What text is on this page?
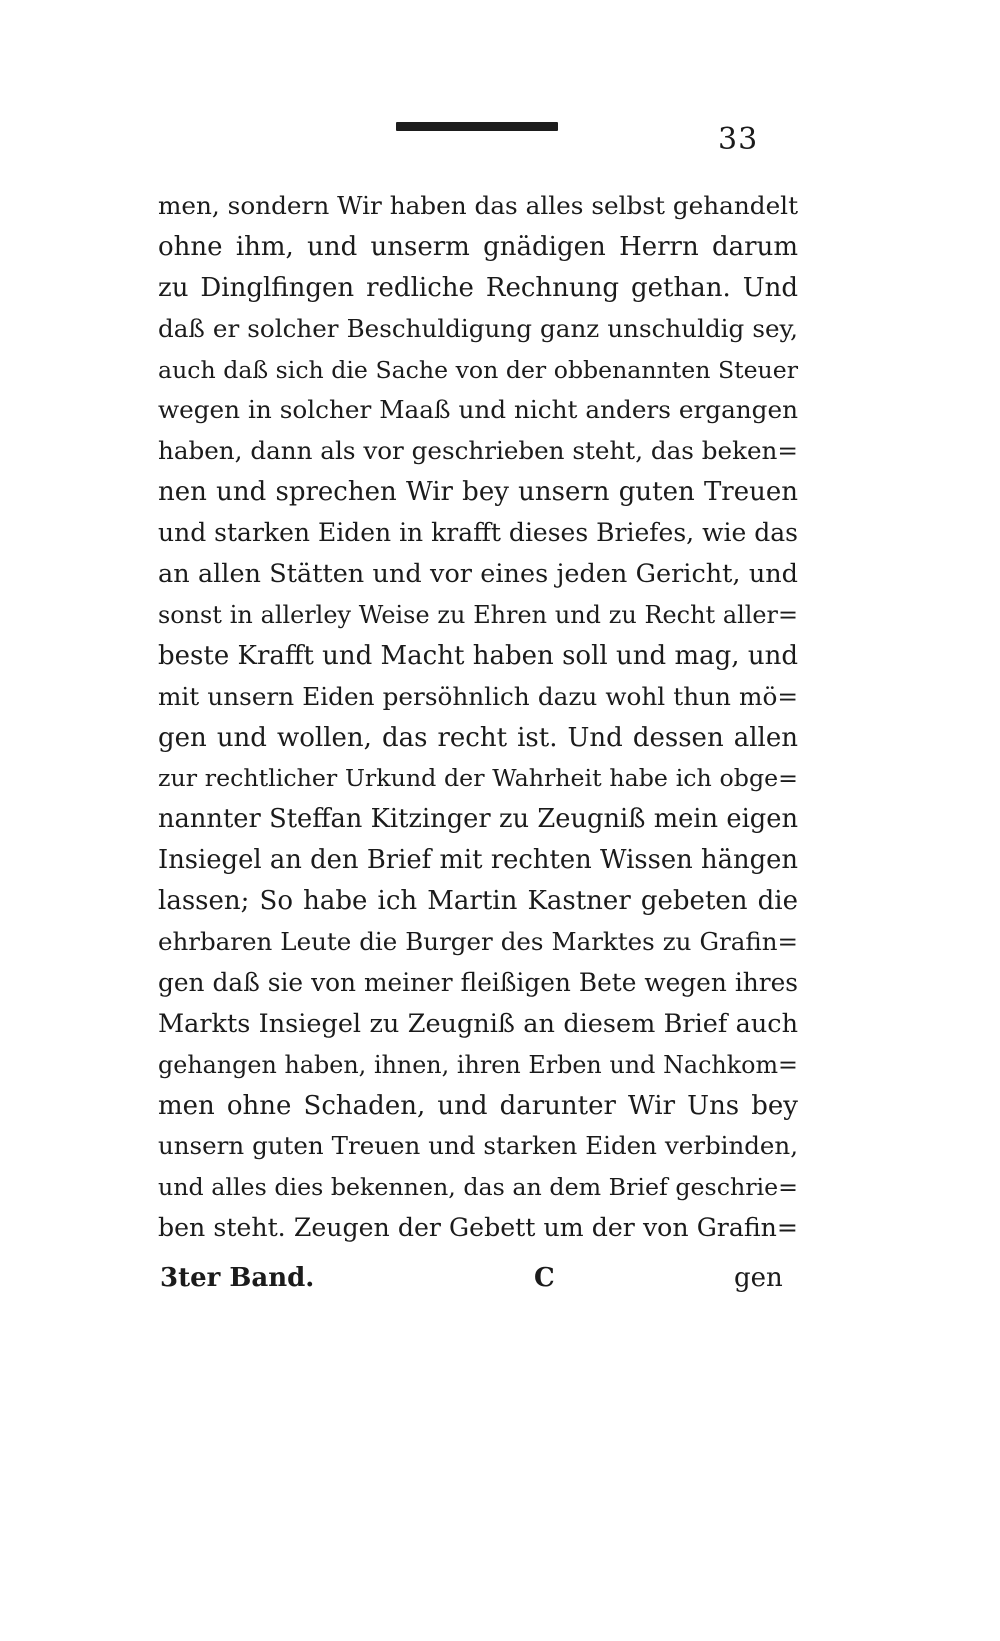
33
men, sondern Wir haben das alles selbst gehandelt
ohne ihm, und unserm gnädigen Herrn darum
zu Dinglfingen redliche Rechnung gethan. Und
daß er solcher Beschuldigung ganz unschuldig sey,
auch daß sich die Sache von der obbenannten Steuer
wegen in solcher Maaß und nicht anders ergangen
haben, dann als vor geschrieben steht, das beken=
nen und sprechen Wir bey unsern guten Treuen
und starken Eiden in krafft dieses Briefes, wie das
an allen Stätten und vor eines jeden Gericht, und
sonst in allerley Weise zu Ehren und zu Recht aller=
beste Krafft und Macht haben soll und mag, und
mit unsern Eiden persöhnlich dazu wohl thun mö=
gen und wollen, das recht ist. Und dessen allen
zur rechtlicher Urkund der Wahrheit habe ich obge=
nannter Steffan Kitzinger zu Zeugniß mein eigen
Insiegel an den Brief mit rechten Wissen hängen
lassen; So habe ich Martin Kastner gebeten die
ehrbaren Leute die Burger des Marktes zu Grafin=
gen daß sie von meiner fleißigen Bete wegen ihres
Markts Insiegel zu Zeugniß an diesem Brief auch
gehangen haben, ihnen, ihren Erben und Nachkom=
men ohne Schaden, und darunter Wir Uns bey
unsern guten Treuen und starken Eiden verbinden,
und alles dies bekennen, das an dem Brief geschrie=
ben steht. Zeugen der Gebett um der von Grafin=
3ter Band.	C	gen
